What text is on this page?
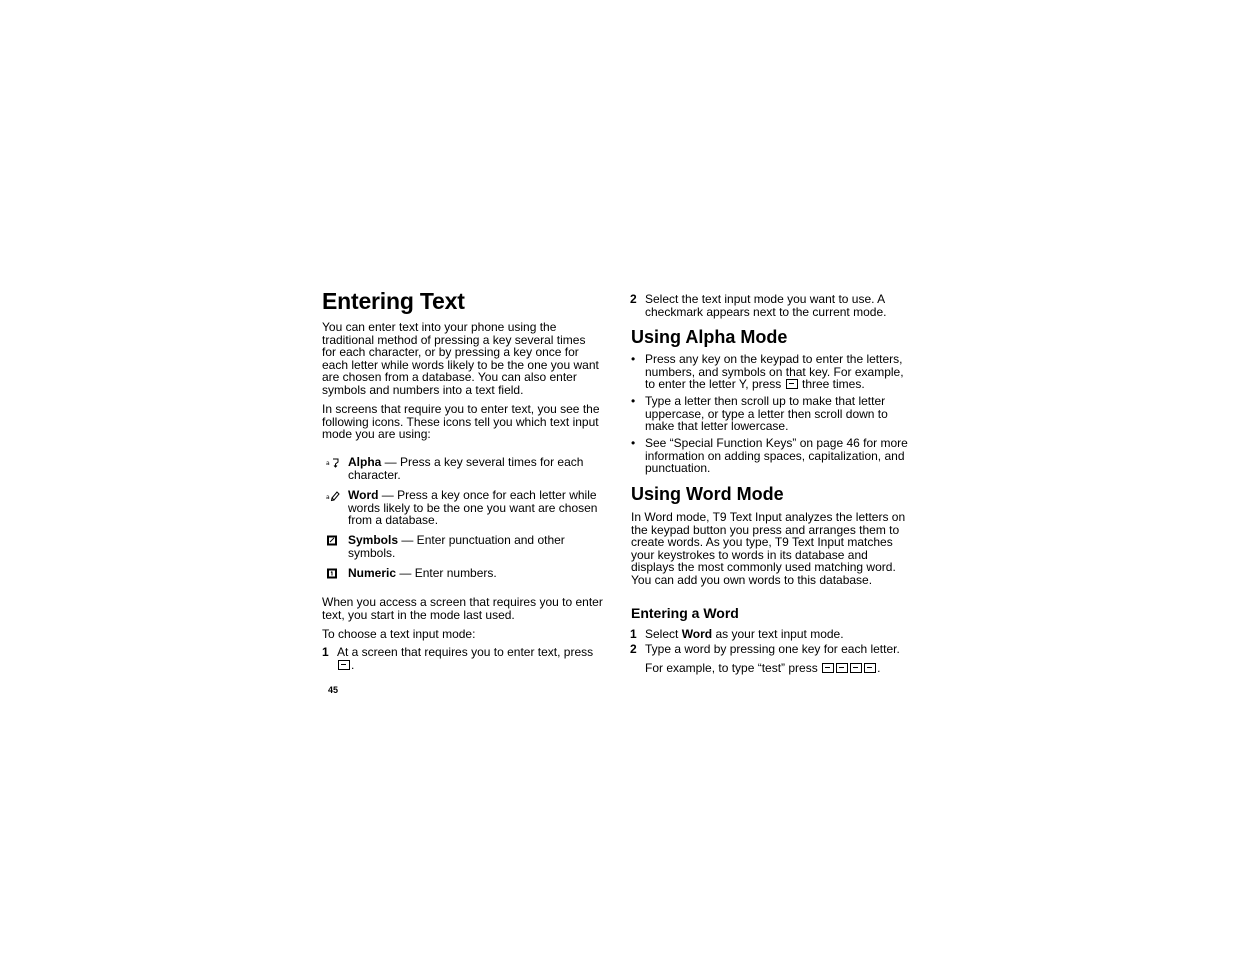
Entering Text

You can enter text into your phone using the traditional method of pressing a key several times for each character, or by pressing a key once for each letter while words likely to be the one you want are chosen from a database. You can also enter symbols and numbers into a text field.

In screens that require you to enter text, you see the following icons. These icons tell you which text input mode you are using:

a Alpha — Press a key several times for each character.
a Word — Press a key once for each letter while words likely to be the one you want are chosen from a database.
Symbols — Enter punctuation and other symbols.
Numeric — Enter numbers.

When you access a screen that requires you to enter text, you start in the mode last used.

To choose a text input mode:

1 At a screen that requires you to enter text, press
.
45
2 Select the text input mode you want to use. A checkmark appears next to the current mode.
Using Alpha Mode
• Press any key on the keypad to enter the letters, numbers, and symbols on that key. For example, to enter the letter Y, press  three times.
• Type a letter then scroll up to make that letter uppercase, or type a letter then scroll down to make that letter lowercase.
• See “Special Function Keys” on page 46 for more information on adding spaces, capitalization, and punctuation.
Using Word Mode

In Word mode, T9 Text Input analyzes the letters on the keypad button you press and arranges them to create words. As you type, T9 Text Input matches your keystrokes to words in its database and displays the most commonly used matching word. You can add you own words to this database.

Entering a Word
1 Select Word as your text input mode.
2 Type a word by pressing one key for each letter.
For example, to type “test” press	.
